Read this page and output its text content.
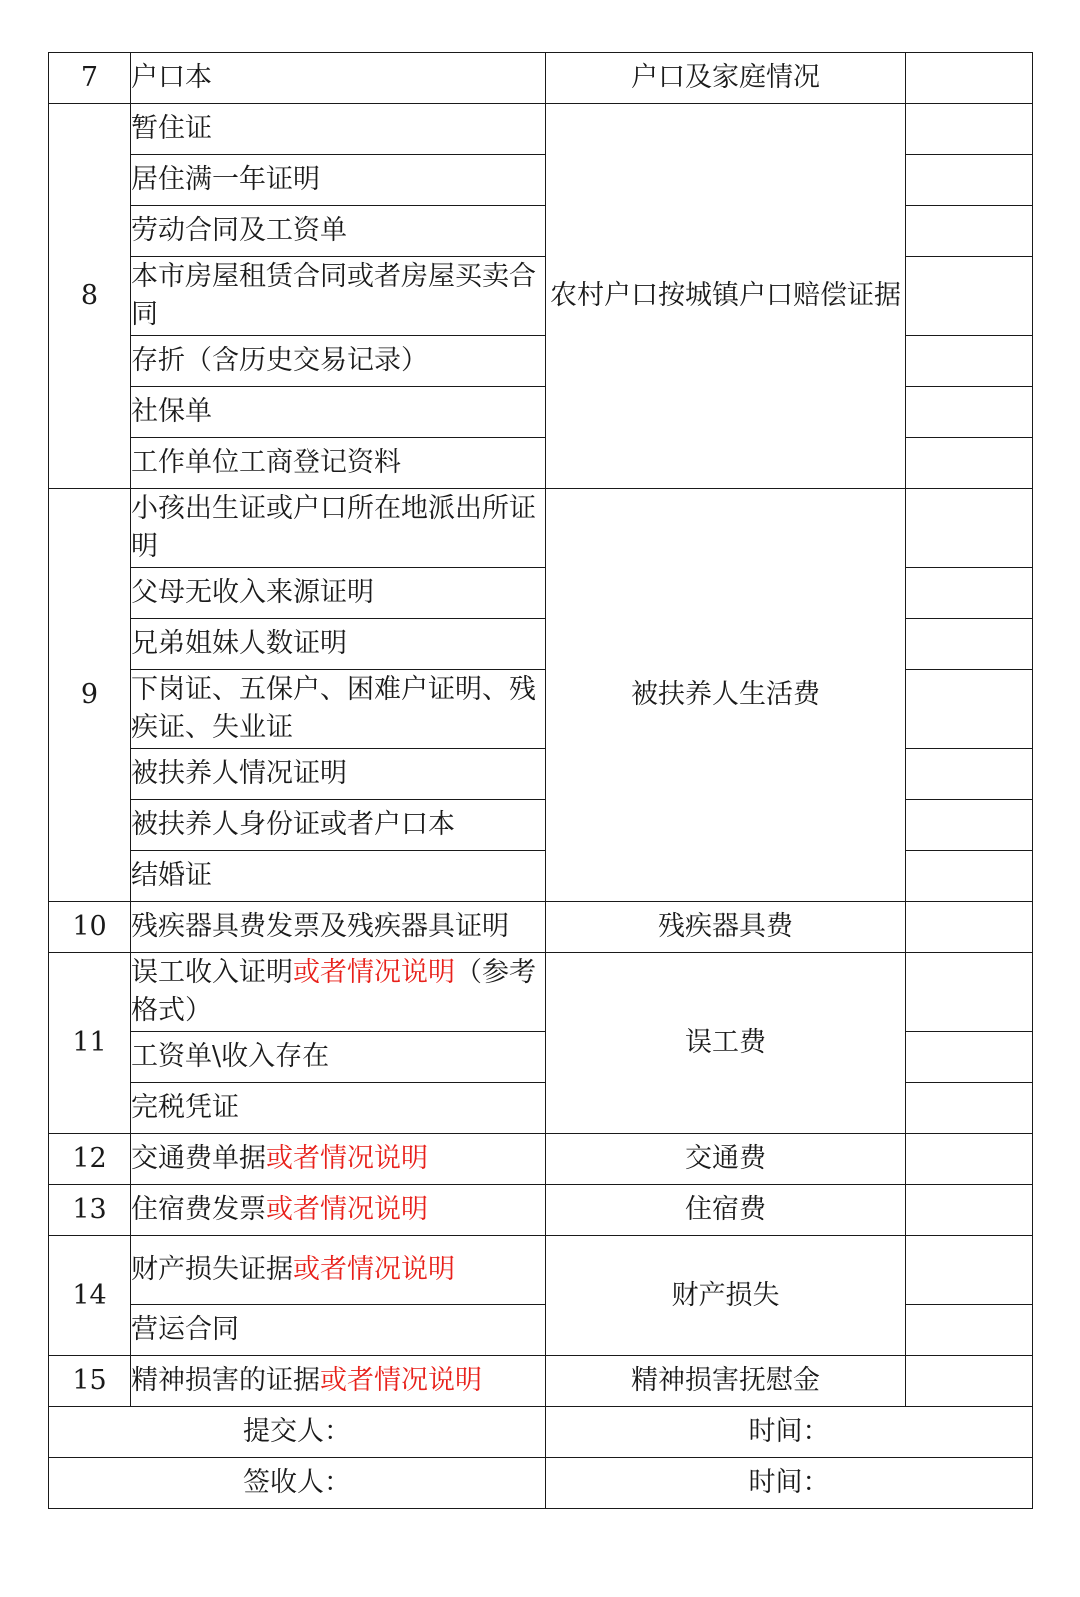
7	户口本	户口及家庭情况	
8	暂住证	农村户口按城镇户口赔偿证据	
	居住满一年证明		
	劳动合同及工资单		
	本市房屋租赁合同或者房屋买卖合同		
	存折（含历史交易记录）		
	社保单		
	工作单位工商登记资料		
9	小孩出生证或户口所在地派出所证明	被扶养人生活费	
	父母无收入来源证明		
	兄弟姐妹人数证明		
	下岗证、五保户、困难户证明、残疾证、失业证		
	被扶养人情况证明		
	被扶养人身份证或者户口本		
	结婚证		
10	残疾器具费发票及残疾器具证明	残疾器具费	
11	误工收入证明或者情况说明（参考格式）	误工费	
	工资单\收入存在		
	完税凭证		
12	交通费单据或者情况说明	交通费	
13	住宿费发票或者情况说明	住宿费	
14	财产损失证据或者情况说明	财产损失	
	营运合同		
15	精神损害的证据或者情况说明	精神损害抚慰金	
提交人：		时间：	
签收人：		时间：	
